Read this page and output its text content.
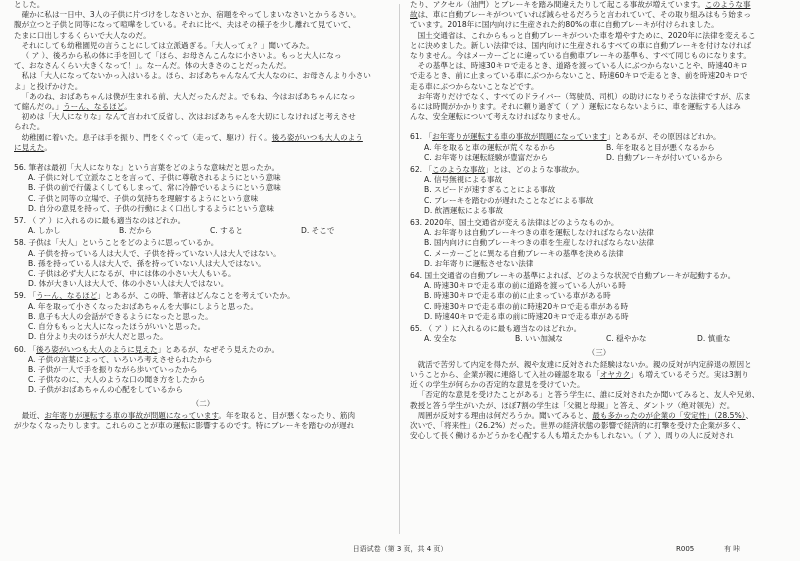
とした。

確かに私は一日中、3人の子供に片づけをしなさいとか、宿題をやってしまいなさいとかうるさい。

腹が立つと子供と同等になって喧嘩をしている。それに比べ、夫はその様子を少し離れて見ていて、

たまに口出しするくらいで大人なのだ。

それにしても幼稚園児の言うことにしては立派過ぎる。「大人ってぇ？」聞いてみた。

（ ア ）、後ろから私の体に手を回して「ほら、お母さんこんなに小さいよ。もっと大人になっ

て、おなさんくらい大きくなって！」。なーんだ。体の大きさのことだったんだ。

私は「大人になってないかっ入はいるよ。ほら、おばあちゃんなんて大人なのに、お母さんより小さい

よ」と投げかけた。

「あのね、おばあちゃんは僕が生まれる前、大人だったんだよ。でもね、今はおばあちゃんになっ

て縮んだの。」うーん、なるほど。

初めは「大人になりな」なんて言われて反省し、次はおばあちゃんを大切にしなければと考えさせ

られた。

幼稚園に着いた。息子は手を振り、門をくぐって（走って、駆け）行く。後ろ姿がいつも大人のよう

に見えた。

56. 筆者は最初「大人になりな」という言葉をどのような意味だと思ったか。

A. 子供に対して立派なことを言って、子供に尊敬されるようにという意味

B. 子供の前で行儀よくしてもしまって、常に冷静でいるようにという意味

C. 子供と同等の立場で、子供の気持ちを理解するようにという意味

D. 自分の意見を持って、子供の行動によく口出しするようにという意味

57. （ ア ）に入れるのに最も適当なのはどれか。

A. しかし	B. だから	C. すると	D. そこで

58. 子供は「大人」ということをどのように思っているか。

A. 子供を持っている人は大人で、子供を持っていない人は大人ではない。

B. 孫を持っている人は大人で、孫を持っていない人は大人ではない。

C. 子供は必ず大人になるが、中には体の小さい大人もいる。

D. 体が大きい人は大人で、体の小さい人は大人ではない。

59. 「うーん、なるほど」とあるが、この時、筆者はどんなことを考えていたか。

A. 年を取って小さくなったおばあちゃんを大事にしようと思った。

B. 息子も大人の会話ができるようになったと思った。

C. 自分ももっと大人になったほうがいいと思った。

D. 自分より夫のほうが大人だと思った。

60. 「後ろ姿がいつも大人のように見えた」とあるが、なぜそう見えたのか。

A. 子供の言葉によって、いろいろ考えさせられたから

B. 子供が一人で手を振りながら歩いていったから

C. 子供なのに、大人のような口の聞き方をしたから

D. 子供がおばあちゃんの心配をしているから

（二）

最近、お年寄りが運転する車の事故が問題になっています。年を取ると、目が悪くなったり、筋肉

が少なくなったりします。これらのことが車の運転に影響するのです。特にブレーキを踏むのが遅れ

たり、アクセル（油門）とブレーキを踏み間違えたりして起こる事故が増えています。このような事

故は、車に自動ブレーキがついていれば減らせるだろうと言われていて、その取り組みはもう始まっ

ています。2018年に国内向けに生産された約80%の車に自動ブレーキが付けられました。

国土交通省は、これからもっと自動ブレーキがついた車を増やすために、2020年に法律を変えるこ

とに決めました。新しい法律では、国内向けに生産されるすべての車に自動ブレーキを付けなければ

なりません。今はメーカーごとに違っている自動車ブレーキの基準も、すべて同じものになります。

その基準とは、時速30キロで走るとき、道路を渡っている人にぶつからないことや、時速40キロ

で走るとき、前に止まっている車にぶつからないこと、時速60キロで走るとき、前を時速20キロで

走る車にぶつからないことなどです。

お年寄りだけでなく、すべてのドライバー（驾驶员、司机）の助けになりそうな法律ですが、広ま

るには時間がかかります。それに頼り過ぎて（ ア ）運転にならないように、車を運転する人はみ

んな、安全運転について考えなければなりません。

61. 「お年寄りが運転する車の事故が問題になっています」とあるが、その原因はどれか。

A. 年を取ると車の運転が荒くなるから	B. 年を取ると目が悪くなるから
C. お年寄りは運転経験が豊富だから	D. 自動ブレーキが付いているから

62. 「このような事故」とは、どのような事故か。

A. 信号無視による事故

B. スピードが速すぎることによる事故

C. ブレーキを踏むのが遅れたことなどによる事故

D. 飲酒運転による事故

63. 2020年、国土交通省が変える法律はどのようなものか。

A. お年寄りは自動ブレーキつきの車を運転しなければならない法律

B. 国内向けに自動ブレーキつきの車を生産しなければならない法律

C. メーカーごとに異なる自動ブレーキの基準を決める法律

D. お年寄りに運転させない法律

64. 国土交通省の自動ブレーキの基準によれば、どのような状況で自動ブレーキが起動するか。

A. 時速30キロで走る車の前に道路を渡っている人がいる時

B. 時速30キロで走る車の前に止まっている車がある時

C. 時速30キロで走る車の前に時速20キロで走る車がある時

D. 時速40キロで走る車の前に時速20キロで走る車がある時

65. （ ア ）に入れるのに最も適当なのはどれか。

A. 安全な	B. いい加減な	C. 穏やかな	D. 慎重な

（三）

就活で苦労して内定を得たが、親や友達に反対された経験はないか。親の反対が内定辞退の原因と

いうことから、企業が親に連絡して入社の確認を取る「オヤカク」も増えているそうだ。実は3割り

近くの学生が何らかの否定的な意見を受けていた。

「否定的な意見を受けたことがある」と答う学生に、誰に反対されたか聞いてみると、友人や兄弟、

教授と答う学生がいたが、ほぼ7割の学生は「父親と母親」と答え、ダントツ（绝对领先）だ。

周囲が反対する理由は何だろうか。聞いてみると、最も多かったのが企業の「安定性」（28.5%）、

次いで、「将来性」（26.2%）だった。世界の経済状態の影響で経済的に打撃を受けた企業が多く、

安心して長く働けるかどうかを心配する人も増えたかもしれない。（ ア ）、周りの人に反対され

日语试卷（第 3 页，共 4 页）	R005	有 咔
